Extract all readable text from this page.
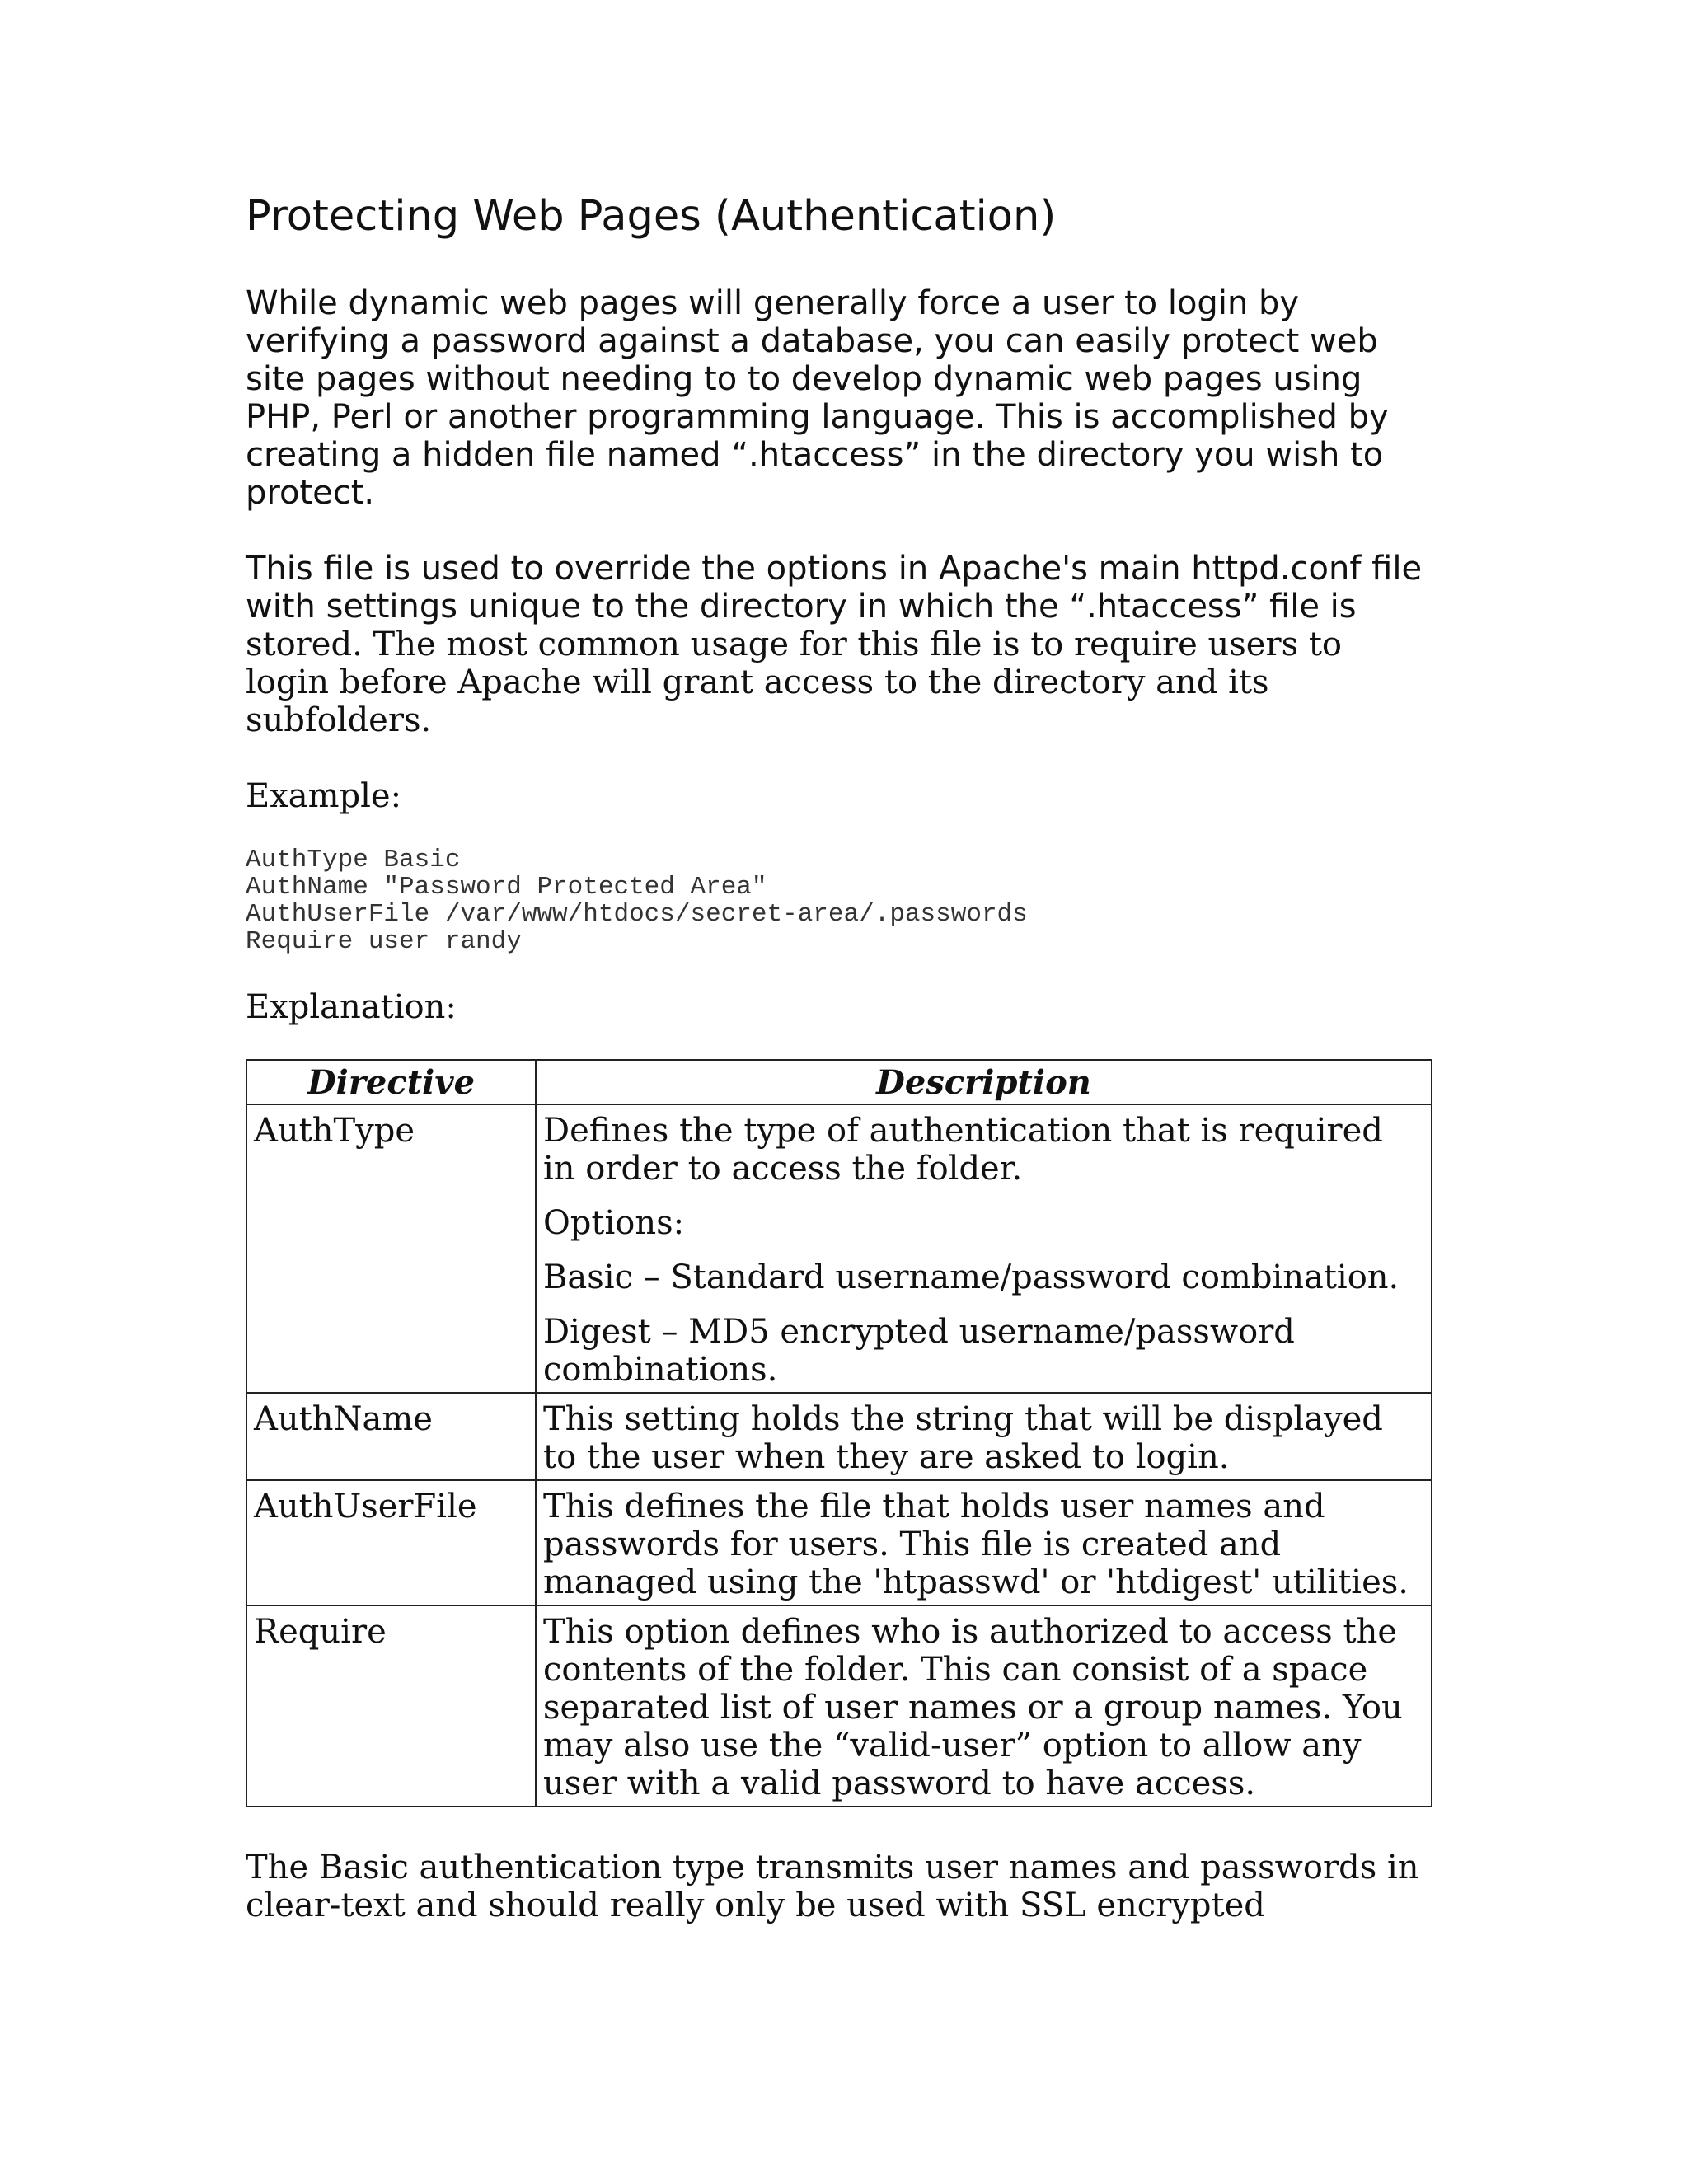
Protecting Web Pages (Authentication)

While dynamic web pages will generally force a user to login by verifying a password against a database, you can easily protect web site pages without needing to to develop dynamic web pages using PHP, Perl or another programming language. This is accomplished by creating a hidden file named “.htaccess” in the directory you wish to protect.

This file is used to override the options in Apache's main httpd.conf file with settings unique to the directory in which the “.htaccess” file is stored. The most common usage for this file is to require users to login before Apache will grant access to the directory and its subfolders.

Example:

AuthType Basic
AuthName "Password Protected Area"
AuthUserFile /var/www/htdocs/secret-area/.passwords
Require user randy

Explanation:

Directive	Description
AuthType	Defines the type of authentication that is required in order to access the folder.

Options:

Basic – Standard username/password combination.

Digest – MD5 encrypted username/password combinations.

AuthName	This setting holds the string that will be displayed to the user when they are asked to login.

AuthUserFile	This defines the file that holds user names and passwords for users. This file is created and managed using the 'htpasswd' or 'htdigest' utilities.

Require	This option defines who is authorized to access the contents of the folder. This can consist of a space separated list of user names or a group names. You may also use the “valid-user” option to allow any user with a valid password to have access.

The Basic authentication type transmits user names and passwords in clear-text and should really only be used with SSL encrypted
